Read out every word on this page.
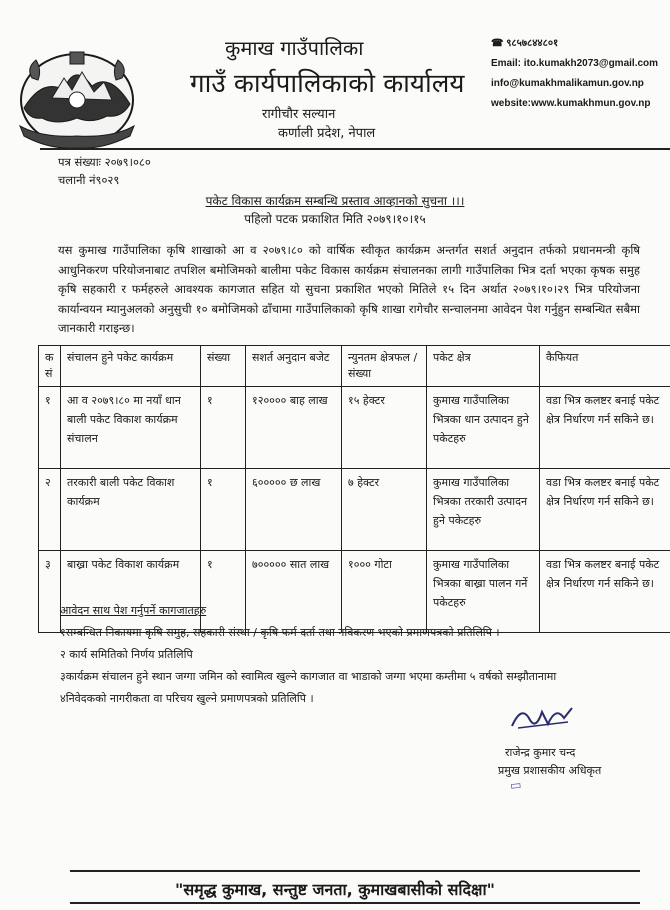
कुमाख गाउँपालिका
गाउँ कार्यपालिकाको कार्यालय
रागीचौर सल्यान
कर्णाली प्रदेश, नेपाल
☎ ९८५७८४४८०१
Email: ito.kumakh2073@gmail.com
info@kumakhmalikamun.gov.np
website:www.kumakhmun.gov.np
पत्र संख्याः २०७९।०८०
चलानी नं९०२९
पकेट विकास कार्यक्रम सम्बन्धि प्रस्ताव आव्हानको सुचना ।।।
पहिलो पटक प्रकाशित मिति २०७९।१०।१५
यस कुमाख गाउँपालिका कृषि शाखाको आ व २०७९।८० को वार्षिक स्वीकृत कार्यक्रम अन्तर्गत सशर्त अनुदान तर्फको प्रधानमन्त्री कृषि आधुनिकरण परियोजनाबाट तपशिल बमोजिमको बालीमा पकेट विकास कार्यक्रम संचालनका लागी गाउँपालिका भित्र दर्ता भएका कृषक समुह कृषि सहकारी र फर्महरुले आवश्यक कागजात सहित यो सुचना प्रकाशित भएको मितिले १५ दिन अर्थात २०७९।१०।२९ भित्र परियोजना कार्यान्वयन म्यानुअलको अनुसुची १० बमोजिमको ढाँचामा गाउँपालिकाको कृषि शाखा रागेचौर सन्चालनमा आवेदन पेश गर्नुहुन सम्बन्धित सबैमा जानकारी गराइन्छ।
क सं	संचालन हुने पकेट कार्यक्रम	संख्या	सशर्त अनुदान बजेट	न्युनतम क्षेत्रफल / संख्या	पकेट क्षेत्र	कैफियत
१	आ व २०७९।८० मा नयाँ धान बाली पकेट विकाश कार्यक्रम संचालन	१	१२०००० बाह लाख	१५ हेक्टर	कुमाख गाउँपालिका भित्रका धान उत्पादन हुने पकेटहरु	वडा भित्र कलष्टर बनाई पकेट क्षेत्र निर्धारण गर्न सकिने छ।
२	तरकारी बाली पकेट विकाश कार्यक्रम	१	६००००० छ लाख	७ हेक्टर	कुमाख गाउँपालिका भित्रका तरकारी उत्पादन हुने पकेटहरु	वडा भित्र कलष्टर बनाई पकेट क्षेत्र निर्धारण गर्न सकिने छ।
३	बाख्रा पकेट विकाश कार्यक्रम	१	७००००० सात लाख	१००० गोटा	कुमाख गाउँपालिका भित्रका बाख्रा पालन गर्ने पकेटहरु	वडा भित्र कलष्टर बनाई पकेट क्षेत्र निर्धारण गर्न सकिने छ।
आवेदन साथ पेश गर्नुपर्ने कागजातहरु
१सम्बन्धित निकायमा कृषि समुह, सहकारी संस्था / कृषि फर्म दर्ता तथा नविकरण भएको प्रमाणपत्रको प्रतिलिपि ।
२ कार्य समितिको निर्णय प्रतिलिपि
३कार्यक्रम संचालन हुने स्थान जग्गा जमिन को स्वामित्व खुल्ने कागजात वा भाडाको जग्गा भएमा कम्तीमा ५ वर्षको सम्झौतानामा
४निवेदकको नागरीकता वा परिचय खुल्ने प्रमाणपत्रको प्रतिलिपि ।
राजेन्द्र कुमार चन्द
प्रमुख प्रशासकीय अधिकृत
▭
"समृद्ध कुमाख, सन्तुष्ट जनता, कुमाखबासीको सदिक्षा"
